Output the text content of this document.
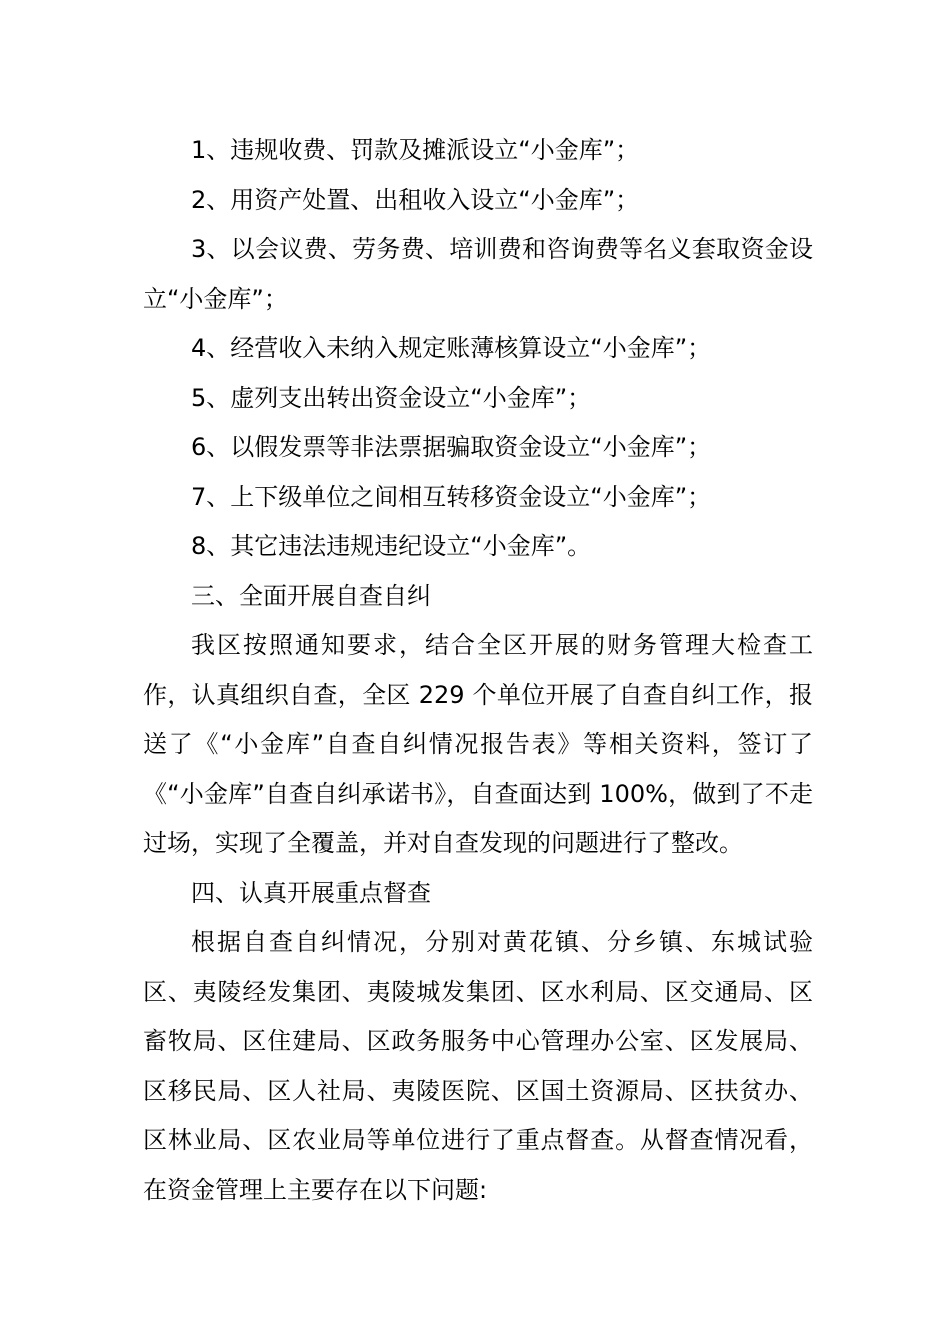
1、违规收费、罚款及摊派设立“小金库”；

2、用资产处置、出租收入设立“小金库”；

3、以会议费、劳务费、培训费和咨询费等名义套取资金设立“小金库”；

4、经营收入未纳入规定账薄核算设立“小金库”；

5、虚列支出转出资金设立“小金库”；

6、以假发票等非法票据骗取资金设立“小金库”；

7、上下级单位之间相互转移资金设立“小金库”；

8、其它违法违规违纪设立“小金库”。

三、全面开展自查自纠

我区按照通知要求，结合全区开展的财务管理大检查工作，认真组织自查，全区 229 个单位开展了自查自纠工作，报送了《“小金库”自查自纠情况报告表》等相关资料，签订了《“小金库”自查自纠承诺书》，自查面达到 100%，做到了不走过场，实现了全覆盖，并对自查发现的问题进行了整改。

四、认真开展重点督查

根据自查自纠情况，分别对黄花镇、分乡镇、东城试验区、夷陵经发集团、夷陵城发集团、区水利局、区交通局、区畜牧局、区住建局、区政务服务中心管理办公室、区发展局、区移民局、区人社局、夷陵医院、区国土资源局、区扶贫办、区林业局、区农业局等单位进行了重点督查。从督查情况看，在资金管理上主要存在以下问题:
